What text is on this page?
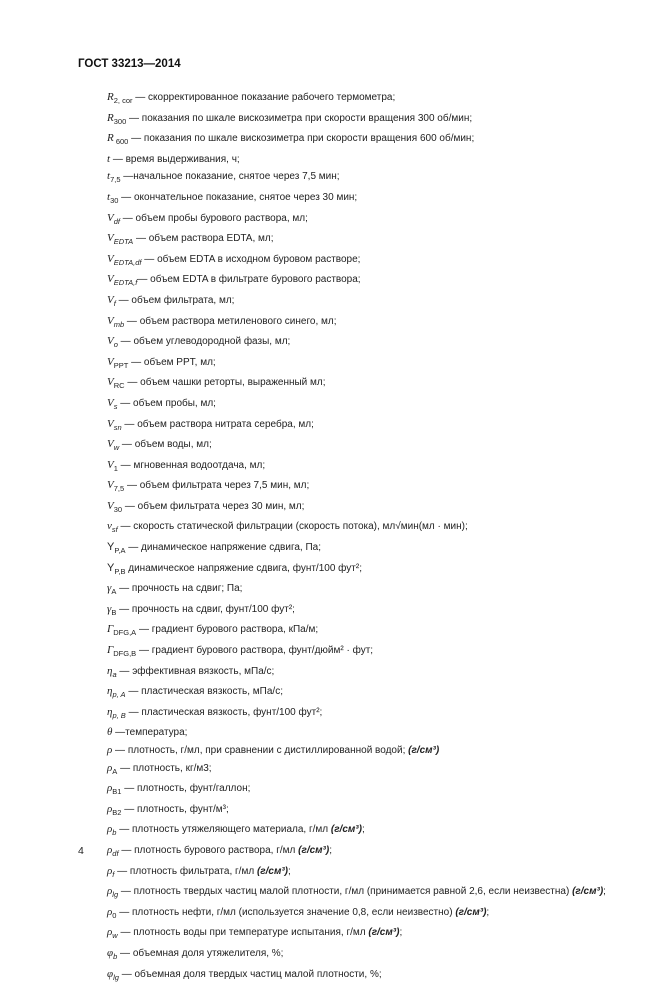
ГОСТ 33213—2014
$R_{2, cor}$ — скорректированное показание рабочего термометра;
$R_{300}$ — показания по шкале вискозиметра при скорости вращения 300 об/мин;
R $_{600}$ — показания по шкале вискозиметра при скорости вращения 600 об/мин;
t — время выдерживания, ч;
$t_{7,5}$ —начальное показание, снятое через 7,5 мин;
$t_{30}$ — окончательное показание, снятое через 30 мин;
$V_{df}$ — объем пробы бурового раствора, мл;
$V_{EDTA}$ — объем раствора EDTA, мл;
$V_{EDTA,df}$ — объем EDTA в исходном буровом растворе;
$V_{EDTA,f}—$ объем EDTA в фильтрате бурового раствора;
$V_f$ — объем фильтрата, мл;
$V_{mb}$ — объем раствора метиленового синего, мл;
$V_o$ — объем углеводородной фазы, мл;
$V_{PPT}$ — объем PPT, мл;
$V_{RC}$ — объем чашки реторты, выраженный мл;
$V_s$ — объем пробы, мл;
$V_{sn}$ — объем раствора нитрата серебра, мл;
$V_w$ — объем воды, мл;
$V_1$ — мгновенная водоотдача, мл;
$V_{7,5}$ — объем фильтрата через 7,5 мин, мл;
$V_{30}$ — объем фильтрата через 30 мин, мл;
$v_{sf}$ — скорость статической фильтрации (скорость потока), мл√мин(мл · мин);
$Y_{P,A}$ — динамическое напряжение сдвига, Па;
$Y_{P,B}$ динамическое напряжение сдвига, фунт/100 фут²;
$\gamma_A$ — прочность на сдвиг; Па;
$\gamma_B$ — прочность на сдвиг, фунт/100 фут²;
$\Gamma_{DFG,A}$ — градиент бурового раствора, кПа/м;
$\Gamma_{DFG,B}$ — градиент бурового раствора, фунт/дюйм² · фут;
$\eta_a$ — эффективная вязкость, мПа/с;
$\eta_{p, A}$ — пластическая вязкость, мПа/с;
$\eta_{p, B}$ — пластическая вязкость, фунт/100 фут²;
θ —температура;
ρ — плотность, г/мл, при сравнении с дистиллированной водой; (г/см³)
$\rho_A$ — плотность, кг/м3;
$\rho_{B1}$ — плотность, фунт/галлон;
$\rho_{B2}$ — плотность, фунт/м³;
$\rho_b$ — плотность утяжеляющего материала, г/мл (г/см³);
$\rho_{df}$ — плотность бурового раствора, г/мл (г/см³);
$\rho_f$ — плотность фильтрата, г/мл (г/см³);
$\rho_{lg}$ — плотность твердых частиц малой плотности, г/мл (принимается равной 2,6, если неизвестна) (г/см³);
$\rho_0$ — плотность нефти, г/мл (используется значение 0,8, если неизвестно) (г/см³);
$\rho_w$ — плотность воды при температуре испытания, г/мл (г/см³);
$\varphi_b$ — объемная доля утяжелителя, %;
$\varphi_{lg}$ — объемная доля твердых частиц малой плотности, %;
4
